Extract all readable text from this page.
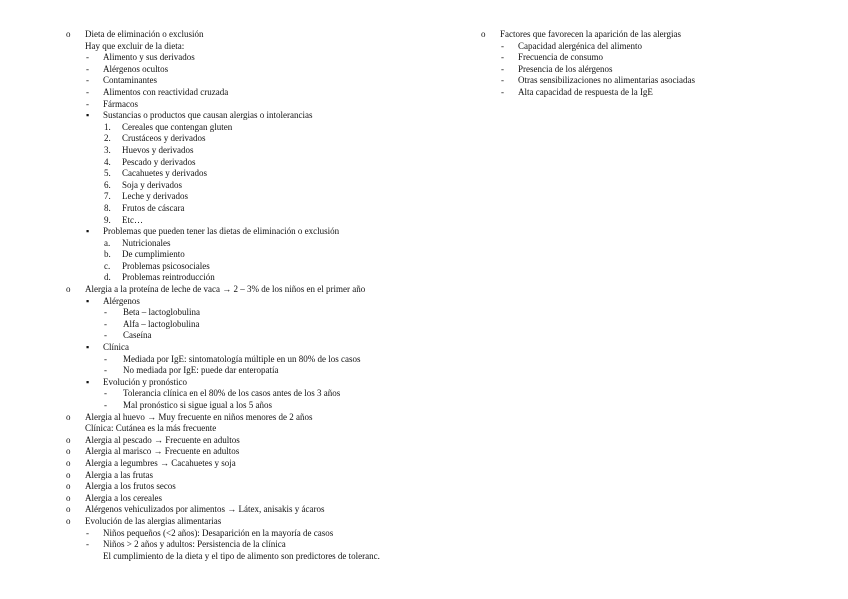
o Dieta de eliminación o exclusión
Hay que excluir de la dieta:
- Alimento y sus derivados
- Alérgenos ocultos
- Contaminantes
- Alimentos con reactividad cruzada
- Fármacos
▪ Sustancias o productos que causan alergias o intolerancias
1. Cereales que contengan gluten
2. Crustáceos y derivados
3. Huevos y derivados
4. Pescado y derivados
5. Cacahuetes y derivados
6. Soja y derivados
7. Leche y derivados
8. Frutos de cáscara
9. Etc…
▪ Problemas que pueden tener las dietas de eliminación o exclusión
a. Nutricionales
b. De cumplimiento
c. Problemas psicosociales
d. Problemas reintroducción
o Alergia a la proteína de leche de vaca → 2 – 3% de los niños en el primer año
▪ Alérgenos
- Beta – lactoglobulina
- Alfa – lactoglobulina
- Caseína
▪ Clínica
- Mediada por IgE: sintomatología múltiple en un 80% de los casos
- No mediada por IgE: puede dar enteropatía
▪ Evolución y pronóstico
- Tolerancia clínica en el 80% de los casos antes de los 3 años
- Mal pronóstico si sigue igual a los 5 años
o Alergia al huevo → Muy frecuente en niños menores de 2 años
Clínica: Cutánea es la más frecuente
o Alergia al pescado → Frecuente en adultos
o Alergia al marisco → Frecuente en adultos
o Alergia a legumbres → Cacahuetes y soja
o Alergia a las frutas
o Alergia a los frutos secos
o Alergia a los cereales
o Alérgenos vehiculizados por alimentos → Látex, anisakis y ácaros
o Evolución de las alergias alimentarias
- Niños pequeños (<2 años): Desaparición en la mayoría de casos
- Niños > 2 años y adultos: Persistencia de la clínica
El cumplimiento de la dieta y el tipo de alimento son predictores de toleranc.
o Factores que favorecen la aparición de las alergias
- Capacidad alergénica del alimento
- Frecuencia de consumo
- Presencia de los alérgenos
- Otras sensibilizaciones no alimentarias asociadas
- Alta capacidad de respuesta de la IgE
